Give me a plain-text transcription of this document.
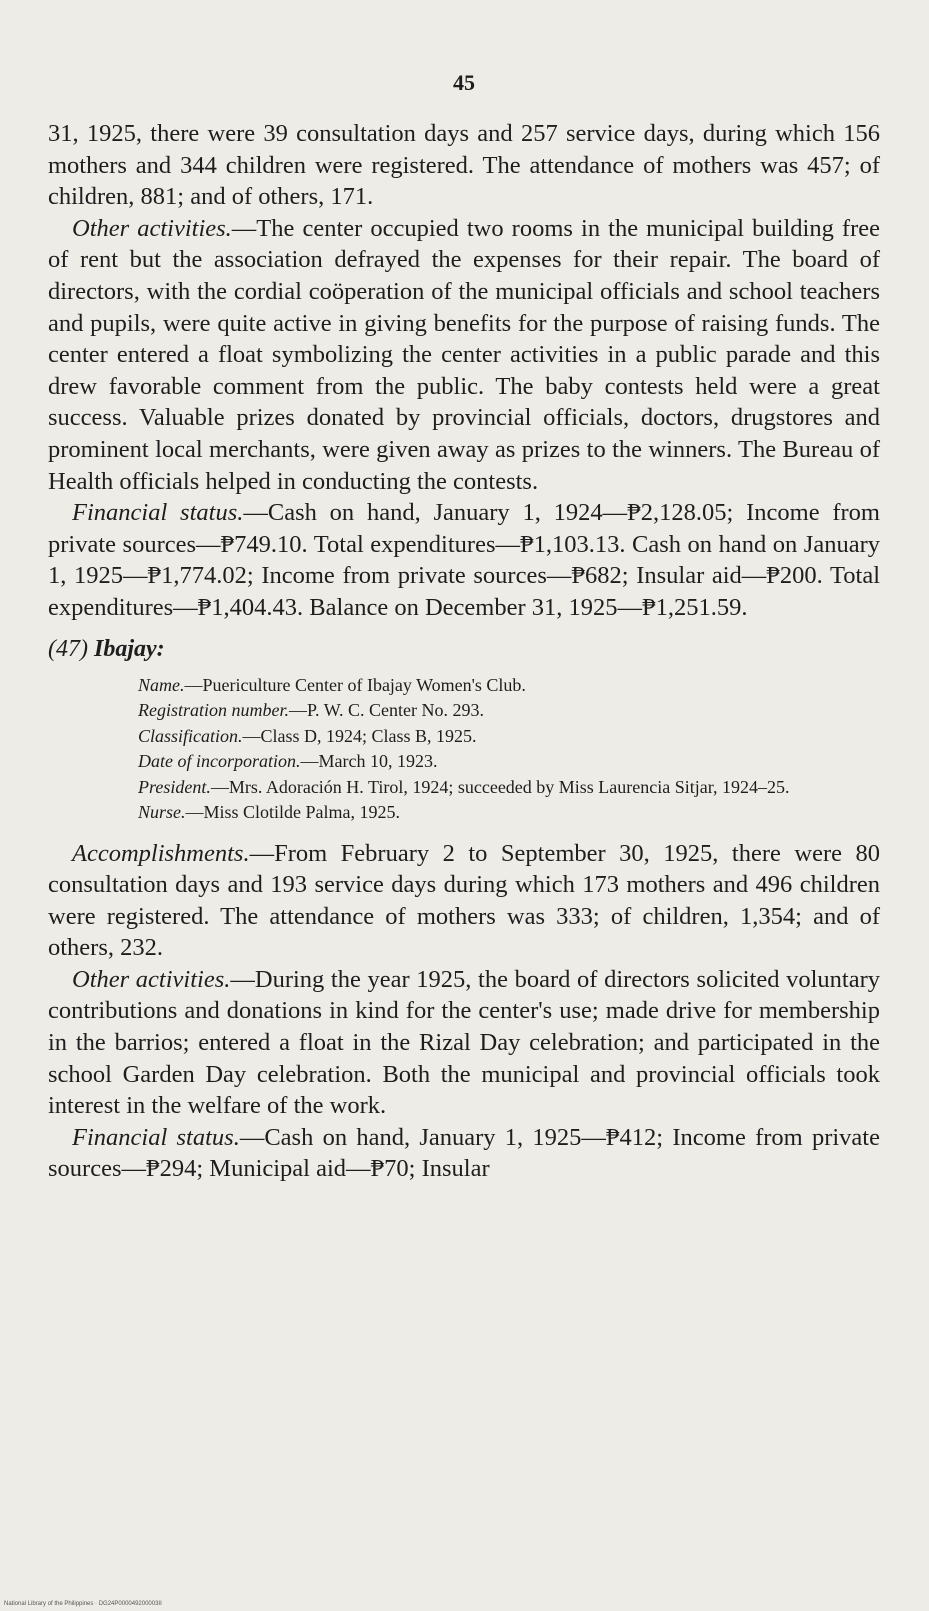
45

31, 1925, there were 39 consultation days and 257 service days, during which 156 mothers and 344 children were registered. The attendance of mothers was 457; of children, 881; and of others, 171.

Other activities.—The center occupied two rooms in the municipal building free of rent but the association defrayed the expenses for their repair. The board of directors, with the cordial coöperation of the municipal officials and school teachers and pupils, were quite active in giving benefits for the purpose of raising funds. The center entered a float symbolizing the center activities in a public parade and this drew favorable comment from the public. The baby contests held were a great success. Valuable prizes donated by provincial officials, doctors, drugstores and prominent local merchants, were given away as prizes to the winners. The Bureau of Health officials helped in conducting the contests.

Financial status.—Cash on hand, January 1, 1924—₱2,128.05; Income from private sources—₱749.10. Total expenditures—₱1,103.13. Cash on hand on January 1, 1925—₱1,774.02; Income from private sources—₱682; Insular aid—₱200. Total expenditures—₱1,404.43. Balance on December 31, 1925—₱1,251.59.

(47) Ibajay:
Name.—Puericulture Center of Ibajay Women's Club.
Registration number.—P. W. C. Center No. 293.
Classification.—Class D, 1924; Class B, 1925.
Date of incorporation.—March 10, 1923.
President.—Mrs. Adoración H. Tirol, 1924; succeeded by Miss Laurencia Sitjar, 1924–25.
Nurse.—Miss Clotilde Palma, 1925.

Accomplishments.—From February 2 to September 30, 1925, there were 80 consultation days and 193 service days during which 173 mothers and 496 children were registered. The attendance of mothers was 333; of children, 1,354; and of others, 232.

Other activities.—During the year 1925, the board of directors solicited voluntary contributions and donations in kind for the center's use; made drive for membership in the barrios; entered a float in the Rizal Day celebration; and participated in the school Garden Day celebration. Both the municipal and provincial officials took interest in the welfare of the work.

Financial status.—Cash on hand, January 1, 1925—₱412; Income from private sources—₱294; Municipal aid—₱70; Insular

National Library of the Philippines · DG24P000049200003II
